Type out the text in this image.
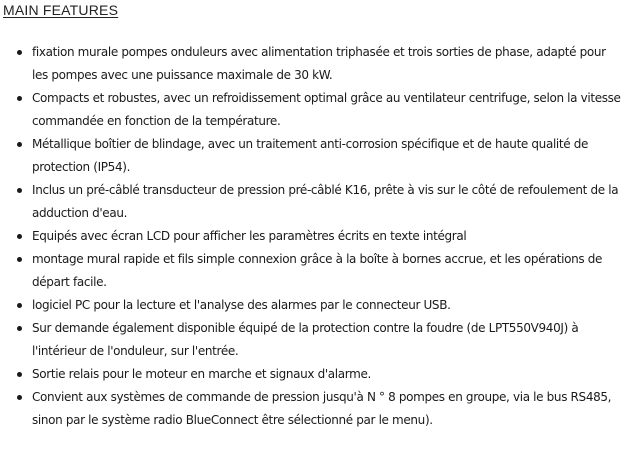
MAIN FEATURES
fixation murale pompes onduleurs avec alimentation triphasée et trois sorties de phase, adapté pour les pompes avec une puissance maximale de 30 kW.
Compacts et robustes, avec un refroidissement optimal grâce au ventilateur centrifuge, selon la vitesse commandée en fonction de la température.
Métallique boîtier de blindage, avec un traitement anti-corrosion spécifique et de haute qualité de protection (IP54).
Inclus un pré-câblé transducteur de pression pré-câblé K16, prête à vis sur le côté de refoulement de la adduction d'eau.
Equipés avec écran LCD pour afficher les paramètres écrits en texte intégral
montage mural rapide et fils simple connexion grâce à la boîte à bornes accrue, et les opérations de départ facile.
logiciel PC pour la lecture et l'analyse des alarmes par le connecteur USB.
Sur demande également disponible équipé de la protection contre la foudre (de LPT550V940J) à l'intérieur de l'onduleur, sur l'entrée.
Sortie relais pour le moteur en marche et signaux d'alarme.
Convient aux systèmes de commande de pression jusqu'à N ° 8 pompes en groupe, via le bus RS485, sinon par le système radio BlueConnect être sélectionné par le menu).
